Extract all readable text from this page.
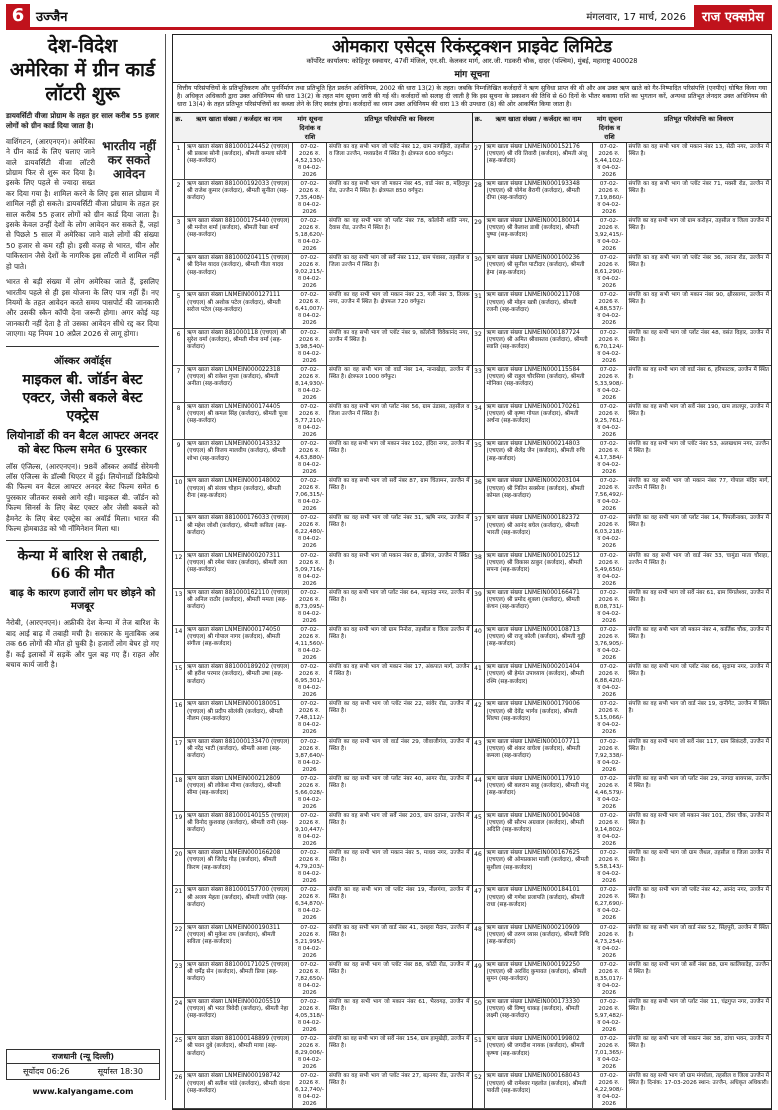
6 उज्जैन	मंगलवार, 17 मार्च, 2026	राज एक्सप्रेस
देश-विदेश
अमेरिका में ग्रीन कार्ड लॉटरी शुरू
डायवर्सिटी वीजा प्रोग्राम के तहत हर साल करीब 55 हजार लोगों को ग्रीन कार्ड दिया जाता है।
भारतीय नहीं कर सकते आवेदन
वाशिंगटन, (आरएनएन)। अमेरिका ने ग्रीन कार्ड के लिए चलाए जाने वाले डायवर्सिटी वीजा लॉटरी प्रोग्राम फिर से शुरू कर दिया है। इसके लिए पहले से ज्यादा सख्त कर दिया गया है। शामिल करने के लिए इस साल प्रोग्राम में शामिल नहीं हो सकते। डायवर्सिटी वीजा प्रोग्राम के तहत हर साल करीब 55 हजार लोगों को ग्रीन कार्ड दिया जाता है। इसके केवल उन्हीं देशों के लोग आवेदन कर सकते हैं, जहां से पिछले 5 साल में अमेरिका जाने वाले लोगों की संख्या 50 हजार से कम रही हो। इसी वजह से भारत, चीन और पाकिस्तान जैसे देशों के नागरिक इस लॉटरी में शामिल नहीं हो पाते।
भारत से बड़ी संख्या में लोग अमेरिका जाते हैं, इसलिए भारतीय पहले से ही इस योजना के लिए पात्र नहीं हैं। नए नियमों के तहत आवेदन करते समय पासपोर्ट की जानकारी और उसकी स्कैन कॉपी देना जरूरी होगा। अगर कोई यह जानकारी नहीं देता है तो उसका आवेदन सीधे रद्द कर दिया जाएगा। यह नियम 10 अप्रैल 2026 से लागू होगा।
ऑस्कर अवॉर्ड्स
माइकल बी. जॉर्डन बेस्ट एक्टर, जेसी बकले बेस्ट एक्ट्रेस
लियोनार्डो की वन बैटल आफ्टर अनदर को बेस्ट फिल्म समेत 6 पुरस्कार
लॉस एंजिल्स, (आरएनएन)। 98वें ऑस्कर अवॉर्ड सेरेमनी लॉस एंजिल्स के डॉल्बी थिएटर में हुई। लियोनार्डो डिकैप्रियो की फिल्म वन बैटल आफ्टर अनदर बेस्ट फिल्म समेत 6 पुरस्कार जीतकर सबसे आगे रही। माइकल बी. जॉर्डन को फिल्म सिनर्स के लिए बेस्ट एक्टर और जेसी बकले को हैमनेट के लिए बेस्ट एक्ट्रेस का अवॉर्ड मिला। भारत की फिल्म होमबाउंड को भी नॉमिनेशन मिला था।
केन्या में बारिश से तबाही, 66 की मौत
बाढ़ के कारण हजारों लोग घर छोड़ने को मजबूर
नैरोबी, (आरएनएन)। अफ्रीकी देश केन्या में तेज बारिश के बाद आई बाढ़ में तबाही मची है। सरकार के मुताबिक अब तक 66 लोगों की मौत हो चुकी है। हजारों लोग बेघर हो गए हैं। कई इलाकों में सड़कें और पुल बह गए हैं। राहत और बचाव कार्य जारी है।
राजधानी (न्यू दिल्ली)
सूर्योदय 06:26	सूर्यास्त 18:30
www.kalyangame.com
ओमकारा एसेट्स रिकंस्ट्रक्शन प्राइवेट लिमिटेड
कॉर्पोरेट कार्यालय: कोहिनूर स्क्वायर, 47वीं मंजिल, एन.सी. केलकर मार्ग, आर.जी. गडकरी चौक, दादर (पश्चिम), मुंबई, महाराष्ट्र 400028
मांग सूचना
वित्तीय परिसंपत्तियों के प्रतिभूतिकरण और पुनर्निर्माण तथा प्रतिभूति हित प्रवर्तन अधिनियम, 2002 की धारा 13(2) के तहत। जबकि निम्नलिखित कर्जदारों ने ऋण सुविधा प्राप्त की थी और अब उक्त ऋण खाते को गैर-निष्पादित परिसंपत्ति (एनपीए) घोषित किया गया है। अधिकृत अधिकारी द्वारा उक्त अधिनियम की धारा 13(2) के तहत मांग सूचना जारी की गई थी। कर्जदारों को सलाह दी जाती है कि इस सूचना के प्रकाशन की तिथि से 60 दिनों के भीतर बकाया राशि का भुगतान करें, अन्यथा प्रतिभूत लेनदार उक्त अधिनियम की धारा 13(4) के तहत प्रतिभूत परिसंपत्तियों का कब्जा लेने के लिए स्वतंत्र होगा। कर्जदारों का ध्यान उक्त अधिनियम की धारा 13 की उपधारा (8) की ओर आकर्षित किया जाता है।
क्र.	ऋण खाता संख्या / कर्जदार का नाम	मांग सूचना दिनांक व राशि
प्रतिभूत परिसंपत्ति का विवरण
1	ऋण खाता संख्या 881000124452 (एचएल) श्री प्रकाश सोनी (कर्जदार), श्रीमती कमला सोनी (सह-कर्जदार)
07-02-2026 रु. 4,52,130/- व 04-02-2026
संपत्ति का वह सभी भाग जो प्लॉट नंबर 12, ग्राम नागझिरी, तहसील व जिला उज्जैन, मध्यप्रदेश में स्थित है। क्षेत्रफल 600 वर्गफुट।
2	ऋण खाता संख्या 881000192033 (एचएल) श्री राजेश कुमार (कर्जदार), श्रीमती सुनीता (सह-कर्जदार)
07-02-2026 रु. 7,35,408/- व 04-02-2026
संपत्ति का वह सभी भाग जो मकान नंबर 45, वार्ड नंबर 8, महिदपुर रोड, उज्जैन में स्थित है। क्षेत्रफल 850 वर्गफुट।
3	ऋण खाता संख्या 881000175440 (एचएल) श्री मनोज शर्मा (कर्जदार), श्रीमती रेखा शर्मा (सह-कर्जदार)
07-02-2026 रु. 5,18,620/- व 04-02-2026
संपत्ति का वह सभी भाग जो प्लॉट नंबर 78, कॉलोनी शांति नगर, देवास रोड, उज्जैन में स्थित है।
4	ऋण खाता संख्या 881000204115 (एचएल) श्री दिनेश यादव (कर्जदार), श्रीमती गीता यादव (सह-कर्जदार)
07-02-2026 रु. 9,02,215/- व 04-02-2026
संपत्ति का वह सभी भाग जो सर्वे नंबर 112, ग्राम पंवासा, तहसील व जिला उज्जैन में स्थित है।
5	ऋण खाता संख्या LNMEIN000127111 (एचएल) श्री अशोक पटेल (कर्जदार), श्रीमती सरोज पटेल (सह-कर्जदार)
07-02-2026 रु. 6,41,007/- व 04-02-2026
संपत्ति का वह सभी भाग जो मकान नंबर 23, गली नंबर 3, तिलक नगर, उज्जैन में स्थित है। क्षेत्रफल 720 वर्गफुट।
6	ऋण खाता संख्या 881000118 (एचएल) श्री सुरेश वर्मा (कर्जदार), श्रीमती मीना वर्मा (सह-कर्जदार)
07-02-2026 रु. 3,98,540/- व 04-02-2026
संपत्ति का वह सभी भाग जो प्लॉट नंबर 9, कॉलोनी विवेकानंद नगर, उज्जैन में स्थित है।
7	ऋण खाता संख्या LNMEIN000022318 (एचएल) श्री राकेश गुप्ता (कर्जदार), श्रीमती अनीता (सह-कर्जदार)
07-02-2026 रु. 8,14,930/- व 04-02-2026
संपत्ति का वह सभी भाग जो वार्ड नंबर 14, नानाखेड़ा, उज्जैन में स्थित है। क्षेत्रफल 1000 वर्गफुट।
8	ऋण खाता संख्या LNMEIN000174405 (एचएल) श्री कमल सिंह (कर्जदार), श्रीमती पूजा (सह-कर्जदार)
07-02-2026 रु. 5,77,210/- व 04-02-2026
संपत्ति का वह सभी भाग जो प्लॉट नंबर 56, ग्राम उंडासा, तहसील व जिला उज्जैन में स्थित है।
9	ऋण खाता संख्या LNMEIN000143332 (एचएल) श्री विजय मालवीय (कर्जदार), श्रीमती शोभा (सह-कर्जदार)
07-02-2026 रु. 4,63,880/- व 04-02-2026
संपत्ति का वह सभी भाग जो मकान नंबर 102, इंदिरा नगर, उज्जैन में स्थित है।
10 ऋण खाता संख्या LNMEIN000148002 (एचएल) श्री संजय चौहान (कर्जदार), श्रीमती रीना (सह-कर्जदार)
07-02-2026 रु. 7,06,315/- व 04-02-2026
संपत्ति का वह सभी भाग जो सर्वे नंबर 87, ग्राम चिंतामन, उज्जैन में स्थित है।
11 ऋण खाता संख्या 881000176033 (एचएल) श्री महेश जोशी (कर्जदार), श्रीमती कविता (सह-कर्जदार)
07-02-2026 रु. 6,22,480/- व 04-02-2026
संपत्ति का वह सभी भाग जो प्लॉट नंबर 31, ऋषि नगर, उज्जैन में स्थित है।
12 ऋण खाता संख्या LNMEIN000207311 (एचएल) श्री रमेश पंवार (कर्जदार), श्रीमती लता (सह-कर्जदार)
07-02-2026 रु. 5,09,716/- व 04-02-2026
संपत्ति का वह सभी भाग जो मकान नंबर 8, फ्रीगंज, उज्जैन में स्थित है।
13 ऋण खाता संख्या 881000162110 (एचएल) श्री अनिल राठौर (कर्जदार), श्रीमती ममता (सह-कर्जदार)
07-02-2026 रु. 8,73,095/- व 04-02-2026
संपत्ति का वह सभी भाग जो प्लॉट नंबर 64, महानंदा नगर, उज्जैन में स्थित है।
14 ऋण खाता संख्या LNMEIN000174050 (एचएल) श्री गोपाल नागर (कर्जदार), श्रीमती संगीता (सह-कर्जदार)
07-02-2026 रु. 4,11,560/- व 04-02-2026
संपत्ति का वह सभी भाग जो ग्राम निनोरा, तहसील व जिला उज्जैन में स्थित है।
15 ऋण खाता संख्या 881000189202 (एचएल) श्री हरीश परमार (कर्जदार), श्रीमती उषा (सह-कर्जदार)
07-02-2026 रु. 6,95,301/- व 04-02-2026
संपत्ति का वह सभी भाग जो मकान नंबर 17, अंकपात मार्ग, उज्जैन में स्थित है।
16 ऋण खाता संख्या LNMEIN000180051 (एचएल) श्री प्रदीप सोलंकी (कर्जदार), श्रीमती नीलम (सह-कर्जदार)
07-02-2026 रु. 7,48,112/- व 04-02-2026
संपत्ति का वह सभी भाग जो प्लॉट नंबर 22, सांवेर रोड, उज्जैन में स्थित है।
17 ऋण खाता संख्या 881000133470 (एचएल) श्री नरेंद्र भाटी (कर्जदार), श्रीमती आशा (सह-कर्जदार)
07-02-2026 रु. 3,87,640/- व 04-02-2026
संपत्ति का वह सभी भाग जो वार्ड नंबर 29, जीवाजीगंज, उज्जैन में स्थित है।
18 ऋण खाता संख्या LNMEIN000212809 (एचएल) श्री लोकेश मीणा (कर्जदार), श्रीमती सीमा (सह-कर्जदार)
07-02-2026 रु. 5,66,028/- व 04-02-2026
संपत्ति का वह सभी भाग जो प्लॉट नंबर 40, आगर रोड, उज्जैन में स्थित है।
19 ऋण खाता संख्या 881000140155 (एचएल) श्री विनोद कुशवाह (कर्जदार), श्रीमती रानी (सह-कर्जदार)
07-02-2026 रु. 9,10,447/- व 04-02-2026
संपत्ति का वह सभी भाग जो सर्वे नंबर 203, ग्राम दताना, उज्जैन में स्थित है।
20 ऋण खाता संख्या LNMEIN000166208 (एचएल) श्री जितेंद्र गौड़ (कर्जदार), श्रीमती किरण (सह-कर्जदार)
07-02-2026 रु. 4,79,203/- व 04-02-2026
संपत्ति का वह सभी भाग जो मकान नंबर 5, माधव नगर, उज्जैन में स्थित है।
21 ऋण खाता संख्या 881000157700 (एचएल) श्री अजय मेहता (कर्जदार), श्रीमती ज्योति (सह-कर्जदार)
07-02-2026 रु. 6,34,870/- व 04-02-2026
संपत्ति का वह सभी भाग जो प्लॉट नंबर 19, नीलगंगा, उज्जैन में स्थित है।
22 ऋण खाता संख्या LNMEIN000190311 (एचएल) श्री मुकेश राय (कर्जदार), श्रीमती सविता (सह-कर्जदार)
07-02-2026 रु. 5,21,995/- व 04-02-2026
संपत्ति का वह सभी भाग जो वार्ड नंबर 41, दशहरा मैदान, उज्जैन में स्थित है।
23 ऋण खाता संख्या 881000171025 (एचएल) श्री धर्मेंद्र सेन (कर्जदार), श्रीमती प्रिया (सह-कर्जदार)
07-02-2026 रु. 7,82,650/- व 04-02-2026
संपत्ति का वह सभी भाग जो प्लॉट नंबर 88, कोठी रोड, उज्जैन में स्थित है।
24 ऋण खाता संख्या LNMEIN000205519 (एचएल) श्री भरत त्रिवेदी (कर्जदार), श्रीमती नेहा (सह-कर्जदार)
07-02-2026 रु. 4,05,318/- व 04-02-2026
संपत्ति का वह सभी भाग जो मकान नंबर 61, भैरवगढ़, उज्जैन में स्थित है।
25 ऋण खाता संख्या 881000148899 (एचएल) श्री पवन दुबे (कर्जदार), श्रीमती माया (सह-कर्जदार)
07-02-2026 रु. 8,29,006/- व 04-02-2026
संपत्ति का वह सभी भाग जो सर्वे नंबर 154, ग्राम हामूखेड़ी, उज्जैन में स्थित है।
26 ऋण खाता संख्या LNMEIN000198742 (एचएल) श्री सतीश पांडे (कर्जदार), श्रीमती वंदना (सह-कर्जदार)
07-02-2026 रु. 6,12,740/- व 04-02-2026
संपत्ति का वह सभी भाग जो प्लॉट नंबर 27, बड़नगर रोड, उज्जैन में स्थित है।
क्र.	ऋण खाता संख्या / कर्जदार का नाम	मांग सूचना दिनांक व राशि
प्रतिभूत परिसंपत्ति का विवरण
27 ऋण खाता संख्या LNMEIN000152176 (एचएल) श्री रवि तिवारी (कर्जदार), श्रीमती अंजू (सह-कर्जदार)
07-02-2026 रु. 5,44,102/- व 04-02-2026
संपत्ति का वह सभी भाग जो मकान नंबर 13, सेठी नगर, उज्जैन में स्थित है।
28 ऋण खाता संख्या LNMEIN000193348 (एचएल) श्री योगेश बैरागी (कर्जदार), श्रीमती दीपा (सह-कर्जदार)
07-02-2026 रु. 7,19,860/- व 04-02-2026
संपत्ति का वह सभी भाग जो प्लॉट नंबर 71, मक्सी रोड, उज्जैन में स्थित है।
29 ऋण खाता संख्या LNMEIN000180014 (एचएल) श्री कैलाश डाबी (कर्जदार), श्रीमती पुष्पा (सह-कर्जदार)
07-02-2026 रु. 3,92,415/- व 04-02-2026
संपत्ति का वह सभी भाग जो ग्राम करोहन, तहसील व जिला उज्जैन में स्थित है।
30 ऋण खाता संख्या LNMEIN000100236 (एचएल) श्री सुनील पाटीदार (कर्जदार), श्रीमती हेमा (सह-कर्जदार)
07-02-2026 रु. 8,61,290/- व 04-02-2026
संपत्ति का वह सभी भाग जो प्लॉट नंबर 36, तराना रोड, उज्जैन में स्थित है।
31 ऋण खाता संख्या LNMEIN000211708 (एचएल) श्री मोहन खत्री (कर्जदार), श्रीमती रजनी (सह-कर्जदार)
07-02-2026 रु. 4,88,537/- व 04-02-2026
संपत्ति का वह सभी भाग जो मकान नंबर 90, क्षीरसागर, उज्जैन में स्थित है।
32 ऋण खाता संख्या LNMEIN000187724 (एचएल) श्री अमित श्रीवास्तव (कर्जदार), श्रीमती स्वाति (सह-कर्जदार)
07-02-2026 रु. 6,70,124/- व 04-02-2026
संपत्ति का वह सभी भाग जो प्लॉट नंबर 48, वसंत विहार, उज्जैन में स्थित है।
33 ऋण खाता संख्या LNMEIN000115584 (एचएल) श्री राहुल चौरसिया (कर्जदार), श्रीमती मोनिका (सह-कर्जदार)
07-02-2026 रु. 5,33,908/- व 04-02-2026
संपत्ति का वह सभी भाग जो वार्ड नंबर 6, हरिफाटक, उज्जैन में स्थित है।
34 ऋण खाता संख्या LNMEIN000170261 (एचएल) श्री कृष्ण गोयल (कर्जदार), श्रीमती अर्चना (सह-कर्जदार)
07-02-2026 रु. 9,25,761/- व 04-02-2026
संपत्ति का वह सभी भाग जो सर्वे नंबर 190, ग्राम लालपुर, उज्जैन में स्थित है।
35 ऋण खाता संख्या LNMEIN000214803 (एचएल) श्री शैलेंद्र जैन (कर्जदार), श्रीमती रुचि (सह-कर्जदार)
07-02-2026 रु. 4,17,384/- व 04-02-2026
संपत्ति का वह सभी भाग जो प्लॉट नंबर 53, अलखधाम नगर, उज्जैन में स्थित है।
36 ऋण खाता संख्या LNMEIN000203104 (एचएल) श्री नितिन सक्सेना (कर्जदार), श्रीमती कोमल (सह-कर्जदार)
07-02-2026 रु. 7,56,492/- व 04-02-2026
संपत्ति का वह सभी भाग जो मकान नंबर 77, गोपाल मंदिर मार्ग, उज्जैन में स्थित है।
37 ऋण खाता संख्या LNMEIN000182372 (एचएल) श्री आनंद बघेल (कर्जदार), श्रीमती भारती (सह-कर्जदार)
07-02-2026 रु. 6,03,218/- व 04-02-2026
संपत्ति का वह सभी भाग जो प्लॉट नंबर 14, पिपलीनाका, उज्जैन में स्थित है।
38 ऋण खाता संख्या LNMEIN000102512 (एचएल) श्री विकास ठाकुर (कर्जदार), श्रीमती सपना (सह-कर्जदार)
07-02-2026 रु. 5,49,650/- व 04-02-2026
संपत्ति का वह सभी भाग जो वार्ड नंबर 33, चामुंडा माता चौराहा, उज्जैन में स्थित है।
39 ऋण खाता संख्या LNMEIN000166471 (एचएल) श्री प्रमोद शुक्ला (कर्जदार), श्रीमती कंचन (सह-कर्जदार)
07-02-2026 रु. 8,08,731/- व 04-02-2026
संपत्ति का वह सभी भाग जो सर्वे नंबर 61, ग्राम पिंगलेश्वर, उज्जैन में स्थित है।
40 ऋण खाता संख्या LNMEIN000108713 (एचएल) श्री राजू कोली (कर्जदार), श्रीमती गुड्डी (सह-कर्जदार)
07-02-2026 रु. 3,76,905/- व 04-02-2026
संपत्ति का वह सभी भाग जो मकान नंबर 4, कार्तिक चौक, उज्जैन में स्थित है।
41 ऋण खाता संख्या LNMEIN000201404 (एचएल) श्री हेमंत उपाध्याय (कर्जदार), श्रीमती रश्मि (सह-कर्जदार)
07-02-2026 रु. 6,88,420/- व 04-02-2026
संपत्ति का वह सभी भाग जो प्लॉट नंबर 66, सुदामा नगर, उज्जैन में स्थित है।
42 ऋण खाता संख्या LNMEIN000179006 (एचएल) श्री देवेंद्र भार्गव (कर्जदार), श्रीमती शिल्पा (सह-कर्जदार)
07-02-2026 रु. 5,15,066/- व 04-02-2026
संपत्ति का वह सभी भाग जो वार्ड नंबर 19, दानीगेट, उज्जैन में स्थित है।
43 ऋण खाता संख्या LNMEIN000107711 (एचएल) श्री शंकर वाघेला (कर्जदार), श्रीमती कमला (सह-कर्जदार)
07-02-2026 रु. 7,92,338/- व 04-02-2026
संपत्ति का वह सभी भाग जो सर्वे नंबर 117, ग्राम सिकंदरी, उज्जैन में स्थित है।
44 ऋण खाता संख्या LNMEIN000117910 (एचएल) श्री बलराम साहू (कर्जदार), श्रीमती मंजू (सह-कर्जदार)
07-02-2026 रु. 4,46,579/- व 04-02-2026
संपत्ति का वह सभी भाग जो प्लॉट नंबर 29, नागदा बायपास, उज्जैन में स्थित है।
45 ऋण खाता संख्या LNMEIN000190408 (एचएल) श्री सौरभ अग्रवाल (कर्जदार), श्रीमती अदिति (सह-कर्जदार)
07-02-2026 रु. 9,14,802/- व 04-02-2026
संपत्ति का वह सभी भाग जो मकान नंबर 101, टॉवर चौक, उज्जैन में स्थित है।
46 ऋण खाता संख्या LNMEIN000167625 (एचएल) श्री ओमप्रकाश माली (कर्जदार), श्रीमती सुशीला (सह-कर्जदार)
07-02-2026 रु. 5,58,143/- व 04-02-2026
संपत्ति का वह सभी भाग जो ग्राम जैथल, तहसील व जिला उज्जैन में स्थित है।
47 ऋण खाता संख्या LNMEIN000184101 (एचएल) श्री गणेश प्रजापति (कर्जदार), श्रीमती राधा (सह-कर्जदार)
07-02-2026 रु. 6,27,690/- व 04-02-2026
संपत्ति का वह सभी भाग जो प्लॉट नंबर 42, आनंद नगर, उज्जैन में स्थित है।
48 ऋण खाता संख्या LNMEIN000210909 (एचएल) श्री तरुण व्यास (कर्जदार), श्रीमती निधि (सह-कर्जदार)
07-02-2026 रु. 4,73,254/- व 04-02-2026
संपत्ति का वह सभी भाग जो वार्ड नंबर 52, सिंहपुरी, उज्जैन में स्थित है।
49 ऋण खाता संख्या LNMEIN000192250 (एचएल) श्री अरविंद कुमावत (कर्जदार), श्रीमती सुमन (सह-कर्जदार)
07-02-2026 रु. 8,35,017/- व 04-02-2026
संपत्ति का वह सभी भाग जो सर्वे नंबर 88, ग्राम कालियादेह, उज्जैन में स्थित है।
50 ऋण खाता संख्या LNMEIN000173330 (एचएल) श्री विष्णु धाकड़ (कर्जदार), श्रीमती लक्ष्मी (सह-कर्जदार)
07-02-2026 रु. 5,97,482/- व 04-02-2026
संपत्ति का वह सभी भाग जो प्लॉट नंबर 11, चंद्रगुप्त नगर, उज्जैन में स्थित है।
51 ऋण खाता संख्या LNMEIN000199802 (एचएल) श्री जगदीश नायक (कर्जदार), श्रीमती कृष्णा (सह-कर्जदार)
07-02-2026 रु. 7,01,365/- व 04-02-2026
संपत्ति का वह सभी भाग जो मकान नंबर 38, ढांचा भवन, उज्जैन में स्थित है।
52 ऋण खाता संख्या LNMEIN000168043 (एचएल) श्री रामेश्वर गहलोत (कर्जदार), श्रीमती पार्वती (सह-कर्जदार)
07-02-2026 रु. 4,22,908/- व 04-02-2026
संपत्ति का वह सभी भाग जो ग्राम मंगरोला, तहसील व जिला उज्जैन में स्थित है। दिनांक: 17-03-2026 स्थान: उज्जैन, अधिकृत अधिकारी।
